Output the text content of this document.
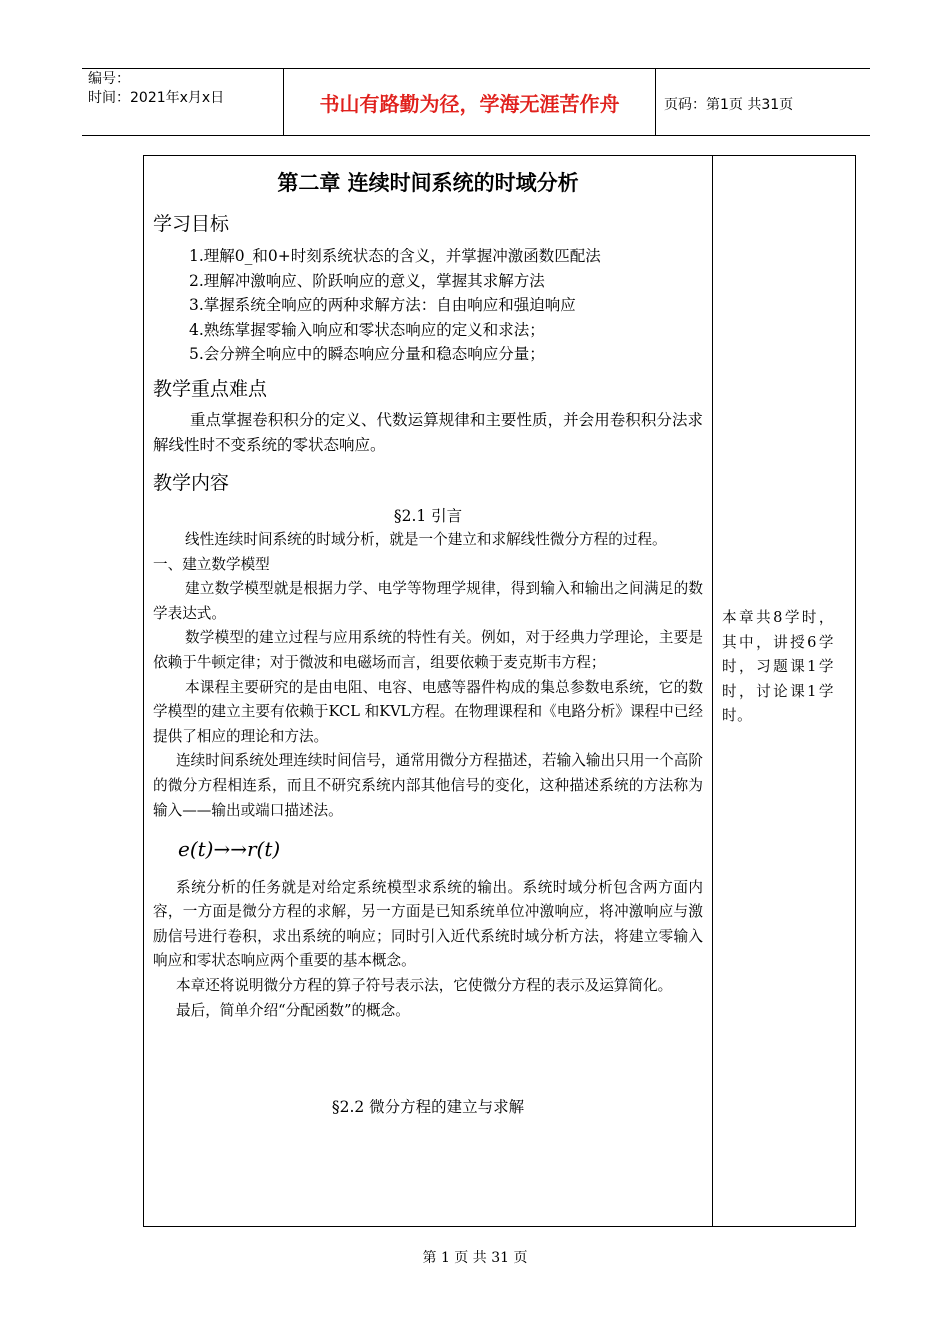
编号：
时间：2021年x月x日	书山有路勤为径，学海无涯苦作舟	页码：第1页 共31页
第二章 连续时间系统的时域分析
学习目标
1.理解0_和0+时刻系统状态的含义，并掌握冲激函数匹配法
2.理解冲激响应、阶跃响应的意义，掌握其求解方法
3.掌握系统全响应的两种求解方法：自由响应和强迫响应
4.熟练掌握零输入响应和零状态响应的定义和求法；
5.会分辨全响应中的瞬态响应分量和稳态响应分量；
教学重点难点
重点掌握卷积积分的定义、代数运算规律和主要性质，并会用卷积积分法求解线性时不变系统的零状态响应。
教学内容
§2.1 引言

线性连续时间系统的时域分析，就是一个建立和求解线性微分方程的过程。

一、建立数学模型

建立数学模型就是根据力学、电学等物理学规律，得到输入和输出之间满足的数学表达式。

数学模型的建立过程与应用系统的特性有关。例如，对于经典力学理论，主要是依赖于牛顿定律；对于微波和电磁场而言，组要依赖于麦克斯韦方程；

本课程主要研究的是由电阻、电容、电感等器件构成的集总参数电系统，它的数学模型的建立主要有依赖于KCL 和KVL方程。在物理课程和《电路分析》课程中已经提供了相应的理论和方法。

连续时间系统处理连续时间信号，通常用微分方程描述，若输入输出只用一个高阶的微分方程相连系，而且不研究系统内部其他信号的变化，这种描述系统的方法称为输入——输出或端口描述法。

e(t)→→r(t)

系统分析的任务就是对给定系统模型求系统的输出。系统时域分析包含两方面内容，一方面是微分方程的求解，另一方面是已知系统单位冲激响应，将冲激响应与激励信号进行卷积，求出系统的响应；同时引入近代系统时域分析方法，将建立零输入响应和零状态响应两个重要的基本概念。

本章还将说明微分方程的算子符号表示法，它使微分方程的表示及运算简化。

最后，简单介绍“分配函数”的概念。

§2.2 微分方程的建立与求解
本章共8学时，其中，讲授6学时，习题课1学时，讨论课1学时。
第 1 页 共 31 页
